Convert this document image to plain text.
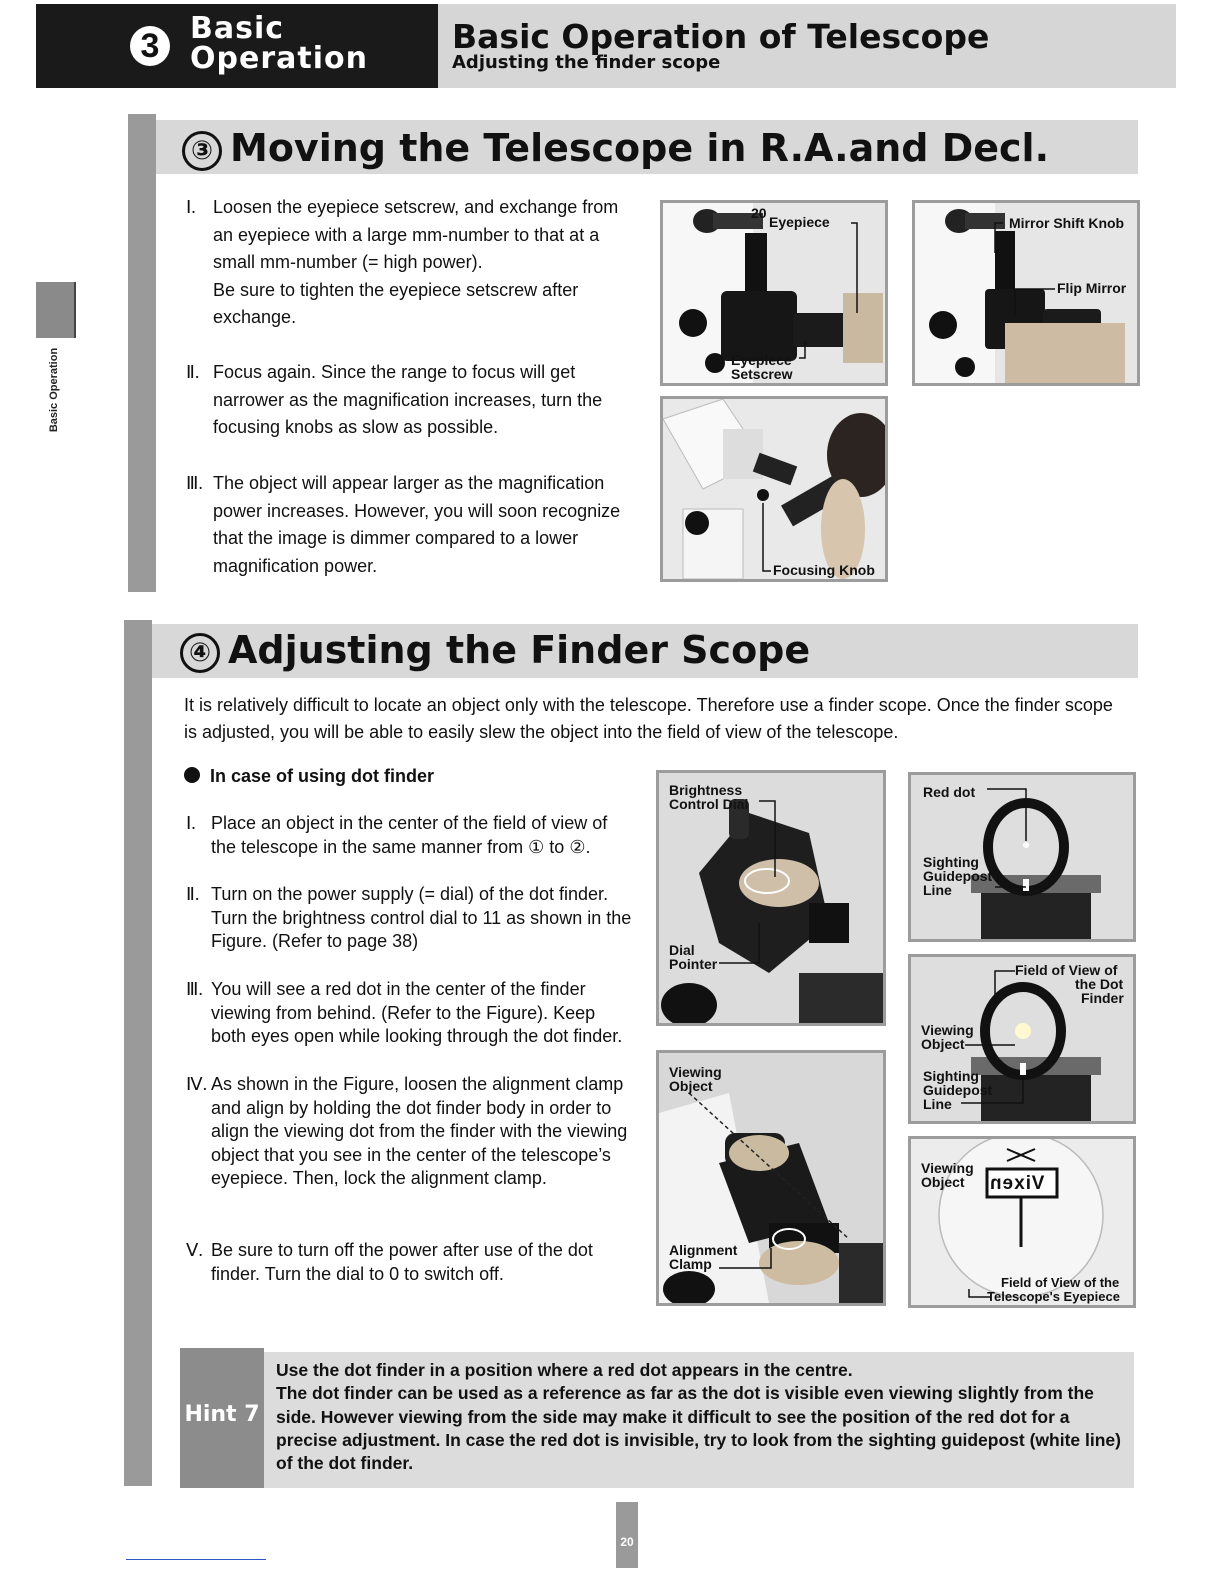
3	Basic
Operation
Basic Operation of Telescope
Adjusting the finder scope
Basic Operation
③ Moving the Telescope in R.A.and Decl.
Ⅰ. Loosen the eyepiece setscrew, and exchange from an eyepiece with a large mm-number to that at a small mm-number (= high power).
Be sure to tighten the eyepiece setscrew after exchange.
Ⅱ. Focus again. Since the range to focus will get narrower as the magnification increases, turn the focusing knobs as slow as possible.
Ⅲ. The object will appear larger as the magnification power increases. However, you will soon recognize that the image is dimmer compared to a lower magnification power.
20
Eyepiece
Eyepiece
Setscrew
Mirror Shift Knob
Flip Mirror
Focusing Knob
④ Adjusting the Finder Scope
It is relatively difficult to locate an object only with the telescope. Therefore use a finder scope. Once the finder scope is adjusted, you will be able to easily slew the object into the field of view of the telescope.
In case of using dot finder
Ⅰ. Place an object in the center of the field of view of the telescope in the same manner from ① to ②.
Ⅱ. Turn on the power supply (= dial) of the dot finder. Turn the brightness control dial to 11 as shown in the Figure. (Refer to page 38)
Ⅲ. You will see a red dot in the center of the finder viewing from behind. (Refer to the Figure). Keep both eyes open while looking through the dot finder.
Ⅳ. As shown in the Figure, loosen the alignment clamp and align by holding the dot finder body in order to align the viewing dot from the finder with the viewing object that you see in the center of the telescope’s eyepiece. Then, lock the alignment clamp.
Ⅴ. Be sure to turn off the power after use of the dot finder. Turn the dial to 0 to switch off.
Brightness
Control Dial
Dial
Pointer
Viewing
Object
Alignment
Clamp
Red dot
Sighting
Guidepost
Line
Field of View of
the Dot
Finder
Viewing
Object
Sighting
Guidepost
Line
Vixen
Viewing
Object
Field of View of the
Telescope's Eyepiece
Hint 7
Use the dot finder in a position where a red dot appears in the centre.
The dot finder can be used as a reference as far as the dot is visible even viewing slightly from the side. However viewing from the side may make it difficult to see the position of the red dot for a precise adjustment. In case the red dot is invisible, try to look from the sighting guidepost (white line) of the dot finder.
20
